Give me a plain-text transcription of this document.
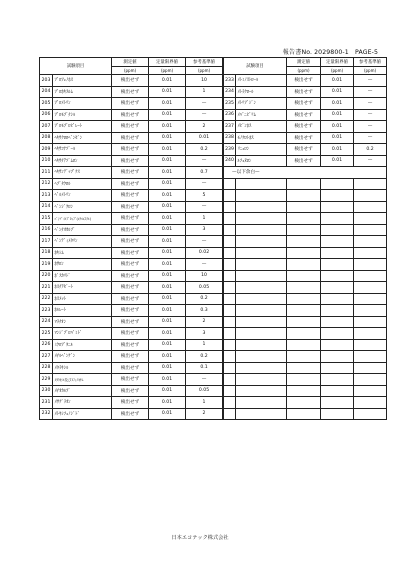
報告書No. 2029800-1　PAGE-5
試験項目		測定値	定量限界値	参考基準値
		(ppm)	(ppm)	(ppm)
203	ﾌﾟﾛﾌｪﾉﾎｽ	検出せず	0.01	10
204	ﾌﾟﾛﾎｷｽﾙﾑ	検出せず	0.01	1
205	ﾌﾟﾛﾒﾄﾘﾝ	検出せず	0.01	—
206	ﾌﾟﾛﾓﾌﾞﾁｼﾙ	検出せず	0.01	—
207	ﾌﾞﾛﾓﾌﾟﾛﾋﾟﾚｰﾄ	検出せず	0.01	2
208	ﾍｷｻｸﾛﾛﾍﾞﾝｾﾞﾝ	検出せず	0.01	0.01
209	ﾍｷｻｺﾅｿﾞｰﾙ	検出せず	0.01	0.2
210	ﾍｷｻﾁｱｿﾞﾑﾛﾝ	検出せず	0.01	—
211	ﾍｷｻﾝﾃﾞｯﾌﾟｸｽ	検出せず	0.01	0.7
212	ﾍﾌﾟﾀｸﾛﾙ	検出せず	0.01	—
213	ﾍﾟﾙﾒﾄﾘﾝ	検出せず	0.01	5
214	ﾍﾞﾝｼﾞｸﾛﾝ	検出せず	0.01	—
215	ﾍﾞﾝｿﾞｲﾙﾌﾟﾛｯﾌﾟ(ｴﾁﾙｴｽﾃﾙ)	検出せず	0.01	1
216	ﾍﾞﾝﾁｵｶﾙﾌﾞ	検出せず	0.01	3
217	ﾍﾞﾝﾃﾞｨﾒﾀﾘﾝ	検出せず	0.01	—
218	ﾎｷｼﾑ	検出せず	0.01	0.02
219	ﾎｻﾛﾝ	検出せず	0.01	—
220	ﾎﾞｽｶﾘﾄﾞ	検出せず	0.01	10
221	ﾎｽﾁｱｾﾞｰﾄ	検出せず	0.01	0.05
222	ﾎｽﾒｯﾄ	検出せず	0.01	0.2
223	ﾎﾙﾚｰﾄ	検出せず	0.01	0.3
224	ﾏﾗﾁｵﾝ	検出せず	0.01	2
225	ﾏﾝｼﾞﾌﾟﾛﾊﾟﾐﾄﾞ	検出せず	0.01	3
226	ﾐｸﾛﾌﾞﾀﾆﾙ	検出せず	0.01	1
227	ﾒﾁﾙﾍﾟﾝｹﾞﾝ	検出せず	0.01	0.2
228	ﾒﾀﾗｷｼﾙ	検出せず	0.01	0.1
229	ﾒﾀﾗｷｼﾙ及びﾒﾌｪﾉｷｻﾑ	検出せず	0.01	—
230	ﾒﾁｵｶﾙﾌﾞ	検出せず	0.01	0.05
231	ﾒｻｸﾞﾗｵﾝ	検出せず	0.01	1
232	ﾒﾄｷｼﾌｪﾉｼﾞﾄﾞ	検出せず	0.01	2
試験項目		測定値	定量限界値	参考基準値
		(ppm)	(ppm)	(ppm)
233	ﾒﾄﾐﾉｽﾄﾛｰﾙ	検出せず	0.01	—
234	ﾒﾄﾗｸﾛｰﾙ	検出せず	0.01	—
235	ﾒﾄﾘﾌﾞｼﾞﾝ	検出せず	0.01	—
236	ﾒﾊﾟﾆﾋﾟﾘﾑ	検出せず	0.01	—
237	ﾒﾋﾞﾝﾎｽ	検出せず	0.01	—
238	ﾓﾉｸﾛﾄﾎｽ	検出せず	0.01	—
239	ﾘﾆｭﾛﾝ	検出せず	0.01	0.2
240	ﾙﾌｪﾇﾛﾝ	検出せず	0.01	—
—以下余白—				

日本エコテック株式会社
